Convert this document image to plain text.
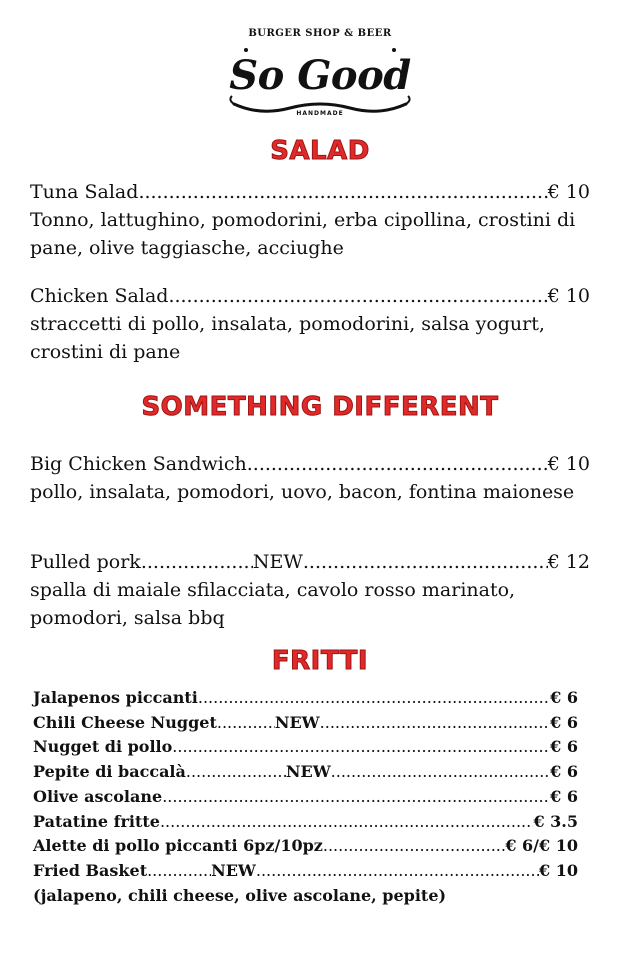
BURGER SHOP & BEER
So Good
HANDMADE
SALAD
Tuna Salad .....	€ 10
Tonno, lattughino, pomodorini, erba cipollina, crostini di pane, olive taggiasche, acciughe
Chicken Salad .....	€ 10
straccetti di pollo, insalata, pomodorini, salsa yogurt, crostini di pane
SOMETHING DIFFERENT
Big Chicken Sandwich .....	€ 10
pollo, insalata, pomodori, uovo, bacon, fontina maionese
Pulled pork .....	NEW .....	€ 12
spalla di maiale sfilacciata, cavolo rosso marinato, pomodori, salsa bbq
FRITTI
Jalapenos piccanti .....	€ 6
Chili Cheese Nugget .....	NEW .....	€ 6
Nugget di pollo .....	€ 6
Pepite di baccalà .....	NEW .....	€ 6
Olive ascolane .....	€ 6
Patatine fritte .....	€ 3.5
Alette di pollo piccanti 6pz/10pz .....	€ 6/€ 10
Fried Basket .....	NEW .....	€ 10
(jalapeno, chili cheese, olive ascolane, pepite)
